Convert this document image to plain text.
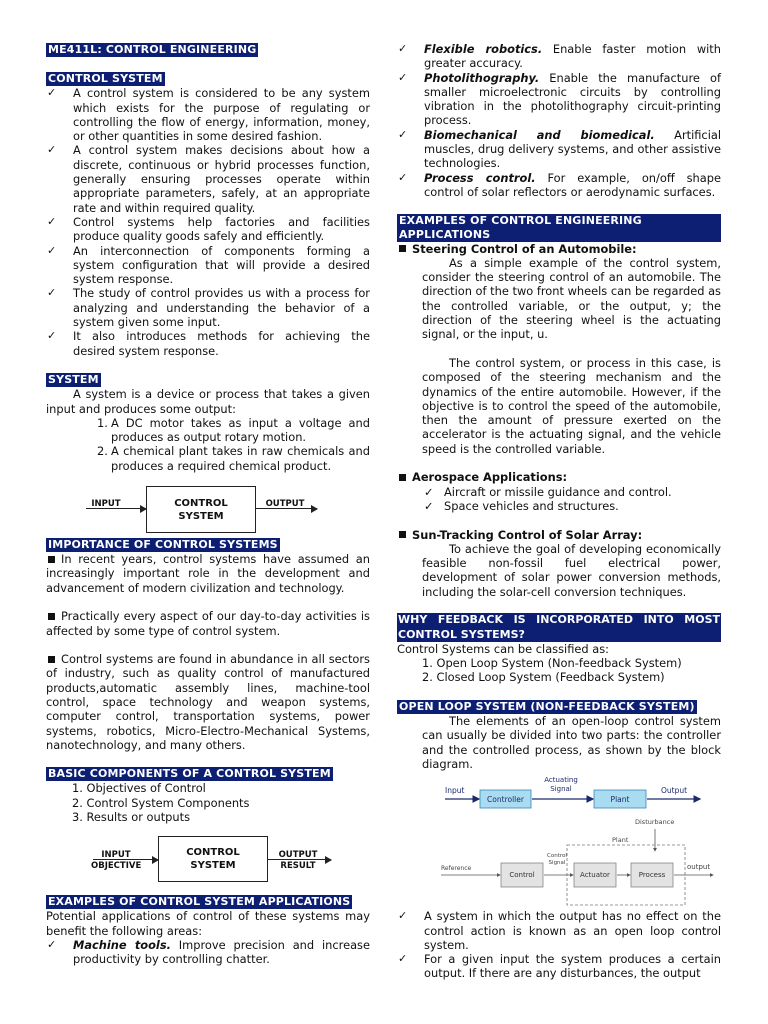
ME411L: CONTROL ENGINEERING
CONTROL SYSTEM

✓ A control system is considered to be any system which exists for the purpose of regulating or controlling the flow of energy, information, money, or other quantities in some desired fashion.

✓ A control system makes decisions about how a discrete, continuous or hybrid processes function, generally ensuring processes operate within appropriate parameters, safely, at an appropriate rate and within required quality.

✓ Control systems help factories and facilities produce quality goods safely and efficiently.

✓ An interconnection of components forming a system configuration that will provide a desired system response.

✓ The study of control provides us with a process for analyzing and understanding the behavior of a system given some input.

✓ It also introduces methods for achieving the desired system response.

SYSTEM

A system is a device or process that takes a given input and produces some output:

1. A DC motor takes as input a voltage and produces as output rotary motion.

2. A chemical plant takes in raw chemicals and produces a required chemical product.

INPUT	CONTROL SYSTEM
OUTPUT
IMPORTANCE OF CONTROL SYSTEMS

In recent years, control systems have assumed an increasingly important role in the development and advancement of modern civilization and technology.

Practically every aspect of our day-to-day activities is affected by some type of control system.

Control systems are found in abundance in all sectors of industry, such as quality control of manufactured products,automatic assembly lines, machine-tool control, space technology and weapon systems, computer control, transportation systems, power systems, robotics, Micro-Electro-Mechanical Systems, nanotechnology, and many others.

BASIC COMPONENTS OF A CONTROL SYSTEM

1. Objectives of Control

2. Control System Components

3. Results or outputs

INPUT OBJECTIVE
CONTROL SYSTEM
OUTPUT RESULT
EXAMPLES OF CONTROL SYSTEM APPLICATIONS

Potential applications of control of these systems may benefit the following areas:

✓ Machine tools. Improve precision and increase productivity by controlling chatter.

✓ Flexible robotics. Enable faster motion with greater accuracy.

✓ Photolithography. Enable the manufacture of smaller microelectronic circuits by controlling vibration in the photolithography circuit-printing process.

✓ Biomechanical and biomedical. Artificial muscles, drug delivery systems, and other assistive technologies.

✓ Process control. For example, on/off shape control of solar reflectors or aerodynamic surfaces.

EXAMPLES OF CONTROL ENGINEERING APPLICATIONS

Steering Control of an Automobile:

As a simple example of the control system, consider the steering control of an automobile. The direction of the two front wheels can be regarded as the controlled variable, or the output, y; the direction of the steering wheel is the actuating signal, or the input, u.

The control system, or process in this case, is composed of the steering mechanism and the dynamics of the entire automobile. However, if the objective is to control the speed of the automobile, then the amount of pressure exerted on the accelerator is the actuating signal, and the vehicle speed is the controlled variable.

Aerospace Applications:

✓ Aircraft or missile guidance and control.

✓ Space vehicles and structures.

Sun-Tracking Control of Solar Array:

To achieve the goal of developing economically feasible non-fossil fuel electrical power, development of solar power conversion methods, including the solar-cell conversion techniques.

WHY FEEDBACK IS INCORPORATED INTO MOST CONTROL SYSTEMS?

Control Systems can be classified as:

1. Open Loop System (Non-feedback System)

2. Closed Loop System (Feedback System)

OPEN LOOP SYSTEM (NON-FEEDBACK SYSTEM)

The elements of an open-loop control system can usually be divided into two parts: the controller and the controlled process, as shown by the block diagram.

Input
Actuating Signal
Controller	Plant
Output
Disturbance
Plant
Reference
Control Signal
Control	Actuator	Process
output

✓ A system in which the output has no effect on the control action is known as an open loop control system.

✓ For a given input the system produces a certain output. If there are any disturbances, the output
